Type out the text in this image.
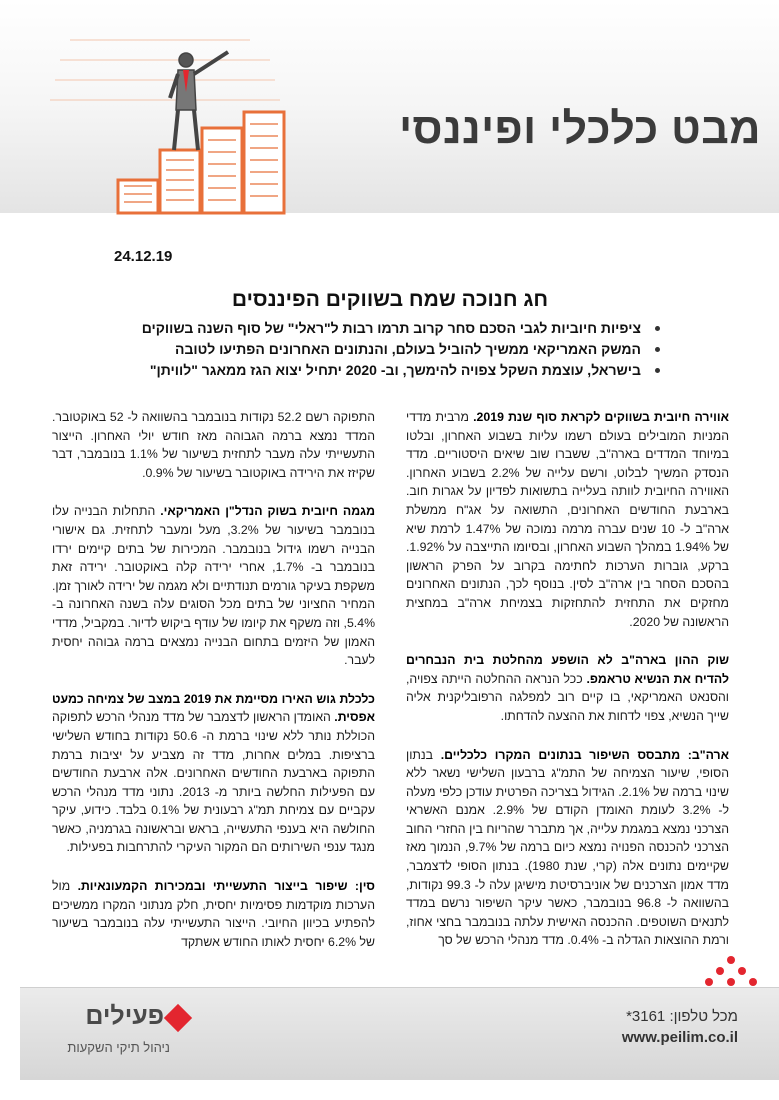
מבט כלכלי ופיננסי
24.12.19
חג חנוכה שמח בשווקים הפיננסים
ציפיות חיוביות לגבי הסכם סחר קרוב תרמו רבות ל"ראלי" של סוף השנה בשווקים
המשק האמריקאי ממשיך להוביל בעולם, והנתונים האחרונים הפתיעו לטובה
בישראל, עוצמת השקל צפויה להימשך, וב- 2020 יתחיל יצוא הגז ממאגר "לוויתן"

אווירה חיובית בשווקים לקראת סוף שנת 2019. מרבית מדדי המניות המובילים בעולם רשמו עליות בשבוע האחרון, ובלטו במיוחד המדדים בארה"ב, ששברו שוב שיאים היסטוריים. מדד הנסדק המשיך לבלוט, ורשם עלייה של 2.2% בשבוע האחרון. האווירה החיובית לוותה בעלייה בתשואות לפדיון על אגרות חוב. בארבעת החודשים האחרונים, התשואה על אג"ח ממשלת ארה"ב ל- 10 שנים עברה מרמה נמוכה של 1.47% לרמת שיא של 1.94% במהלך השבוע האחרון, ובסיומו התייצבה על 1.92%. ברקע, גוברות הערכות לחתימה בקרוב על הפרק הראשון בהסכם הסחר בין ארה"ב לסין. בנוסף לכך, הנתונים האחרונים מחזקים את התחזית להתחזקות בצמיחת ארה"ב במחצית הראשונה של 2020.

שוק ההון בארה"ב לא הושפע מהחלטת בית הנבחרים להדיח את הנשיא טראמפ. ככל הנראה ההחלטה הייתה צפויה, והסנאט האמריקאי, בו קיים רוב למפלגה הרפובליקנית אליה שייך הנשיא, צפוי לדחות את ההצעה להדחתו.

ארה"ב: מתבסס השיפור בנתונים המקרו כלכליים. בנתון הסופי, שיעור הצמיחה של התמ"ג ברבעון השלישי נשאר ללא שינוי ברמה של 2.1%. הגידול בצריכה הפרטית עודכן כלפי מעלה ל- 3.2% לעומת האומדן הקודם של 2.9%. אמנם האשראי הצרכני נמצא במגמת עלייה, אך מתברר שהריוח בין החזרי החוב הצרכני להכנסה הפנויה נמצא כיום ברמה של 9.7%, הנמוך מאז שקיימים נתונים אלה (קרי, שנת 1980). בנתון הסופי לדצמבר, מדד אמון הצרכנים של אוניברסיטת מישיגן עלה ל- 99.3 נקודות, בהשוואה ל- 96.8 בנובמבר, כאשר עיקר השיפור נרשם במדד לתנאים השוטפים. ההכנסה האישית עלתה בנובמבר בחצי אחוז, ורמת ההוצאות הגדלה ב- 0.4%. מדד מנהלי הרכש של סך

התפוקה רשם 52.2 נקודות בנובמבר בהשוואה ל- 52 באוקטובר. המדד נמצא ברמה הגבוהה מאז חודש יולי האחרון. הייצור התעשייתי עלה מעבר לתחזית בשיעור של 1.1% בנובמבר, דבר שקיזז את הירידה באוקטובר בשיעור של 0.9%.

מגמה חיובית בשוק הנדל"ן האמריקאי. התחלות הבנייה עלו בנובמבר בשיעור של 3.2%, מעל ומעבר לתחזית. גם אישורי הבנייה רשמו גידול בנובמבר. המכירות של בתים קיימים ירדו בנובמבר ב- 1.7%, אחרי ירידה קלה באוקטובר. ירידה זאת משקפת בעיקר גורמים תנודתיים ולא מגמה של ירידה לאורך זמן. המחיר החציוני של בתים מכל הסוגים עלה בשנה האחרונה ב- 5.4%, וזה משקף את קיומו של עודף ביקוש לדיור. במקביל, מדדי האמון של היזמים בתחום הבנייה נמצאים ברמה גבוהה יחסית לעבר.

כלכלת גוש האירו מסיימת את 2019 במצב של צמיחה כמעט אפסית. האומדן הראשון לדצמבר של מדד מנהלי הרכש לתפוקה הכוללת נותר ללא שינוי ברמת ה- 50.6 נקודות בחודש השלישי ברציפות. במלים אחרות, מדד זה מצביע על יציבות ברמת התפוקה בארבעת החודשים האחרונים. אלה ארבעת החודשים עם הפעילות החלשה ביותר מ- 2013. נתוני מדד מנהלי הרכש עקביים עם צמיחת תמ"ג רבעונית של 0.1% בלבד. כידוע, עיקר החולשה היא בענפי התעשייה, בראש ובראשונה בגרמניה, כאשר מנגד ענפי השירותים הם המקור העיקרי להתרחבות בפעילות.

סין: שיפור בייצור התעשייתי ובמכירות הקמעונאיות. מול הערכות מוקדמות פסימיות יחסית, חלק מנתוני המקרו ממשיכים להפתיע בכיוון החיובי. הייצור התעשייתי עלה בנובמבר בשיעור של 6.2% יחסית לאותו החודש אשתקד

פעילים
ניהול תיקי השקעות
מכל טלפון: 3161*
www.peilim.co.il
